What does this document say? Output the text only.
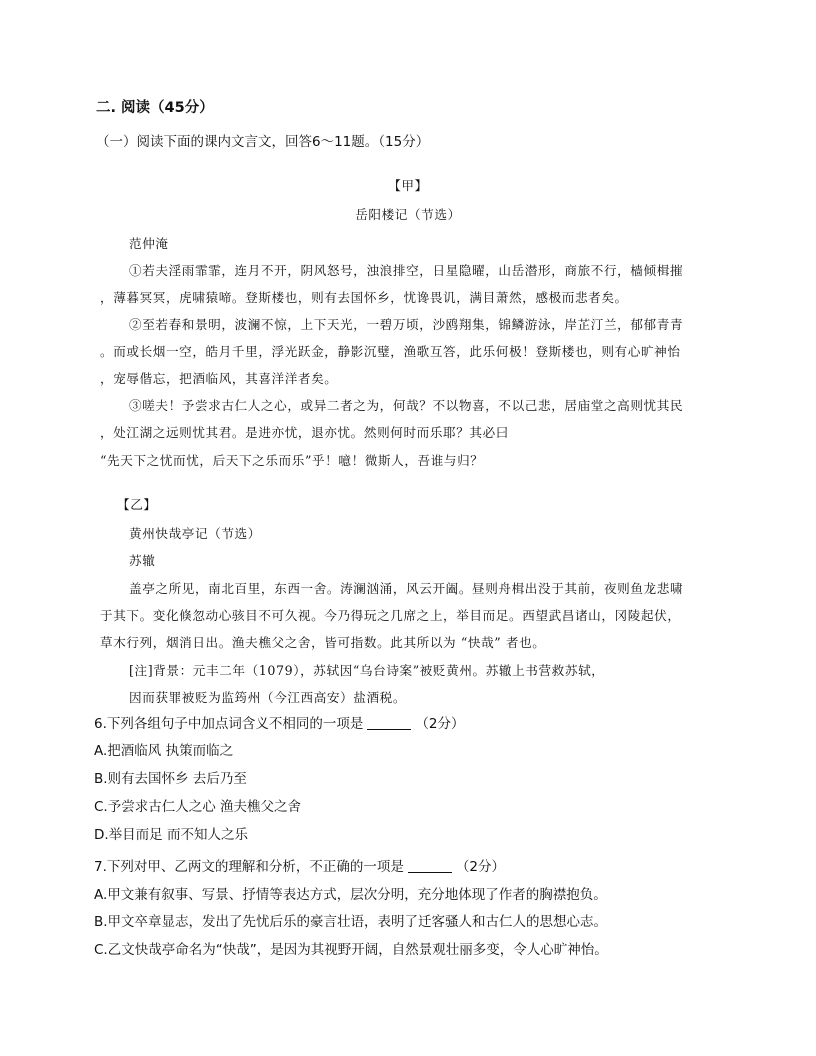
二. 阅读（45分）
（一）阅读下面的课内文言文，回答6～11题。（15分）
【甲】
岳阳楼记（节选）
范仲淹
①若夫淫雨霏霏，连月不开，阴风怒号，浊浪排空，日星隐曜，山岳潜形，商旅不行，樯倾楫摧
，薄暮冥冥，虎啸猿啼。登斯楼也，则有去国怀乡，忧谗畏讥，满目萧然，感极而悲者矣。
②至若春和景明，波澜不惊，上下天光，一碧万顷，沙鸥翔集，锦鳞游泳，岸芷汀兰，郁郁青青
。而或长烟一空，皓月千里，浮光跃金，静影沉璧，渔歌互答，此乐何极！登斯楼也，则有心旷神怡
，宠辱偕忘，把酒临风，其喜洋洋者矣。
③嗟夫！予尝求古仁人之心，或异二者之为，何哉？不以物喜，不以己悲，居庙堂之高则忧其民
，处江湖之远则忧其君。是进亦忧，退亦忧。然则何时而乐耶？其必曰
“先天下之忧而忧，后天下之乐而乐”乎！噫！微斯人，吾谁与归？
【乙】
黄州快哉亭记（节选）
苏辙
盖亭之所见，南北百里，东西一舍。涛澜汹涌，风云开阖。昼则舟楫出没于其前，夜则鱼龙悲啸
于其下。变化倏忽动心骇目不可久视。今乃得玩之几席之上，举目而足。西望武昌诸山，冈陵起伏，
草木行列，烟消日出。渔夫樵父之舍，皆可指数。此其所以为 “快哉” 者也。
[注]背景：元丰二年（1079），苏轼因“乌台诗案”被贬黄州。苏辙上书营救苏轼，
因而获罪被贬为监筠州（今江西高安）盐酒税。
6.下列各组句子中加点词含义不相同的一项是	（2分）
A.把酒临风 执策而临之
B.则有去国怀乡 去后乃至
C.予尝求古仁人之心 渔夫樵父之舍
D.举目而足 而不知人之乐
7.下列对甲、乙两文的理解和分析，不正确的一项是	（2分）
A.甲文兼有叙事、写景、抒情等表达方式，层次分明，充分地体现了作者的胸襟抱负。
B.甲文卒章显志，发出了先忧后乐的豪言壮语，表明了迁客骚人和古仁人的思想心志。
C.乙文快哉亭命名为“快哉”，是因为其视野开阔，自然景观壮丽多变，令人心旷神怡。
